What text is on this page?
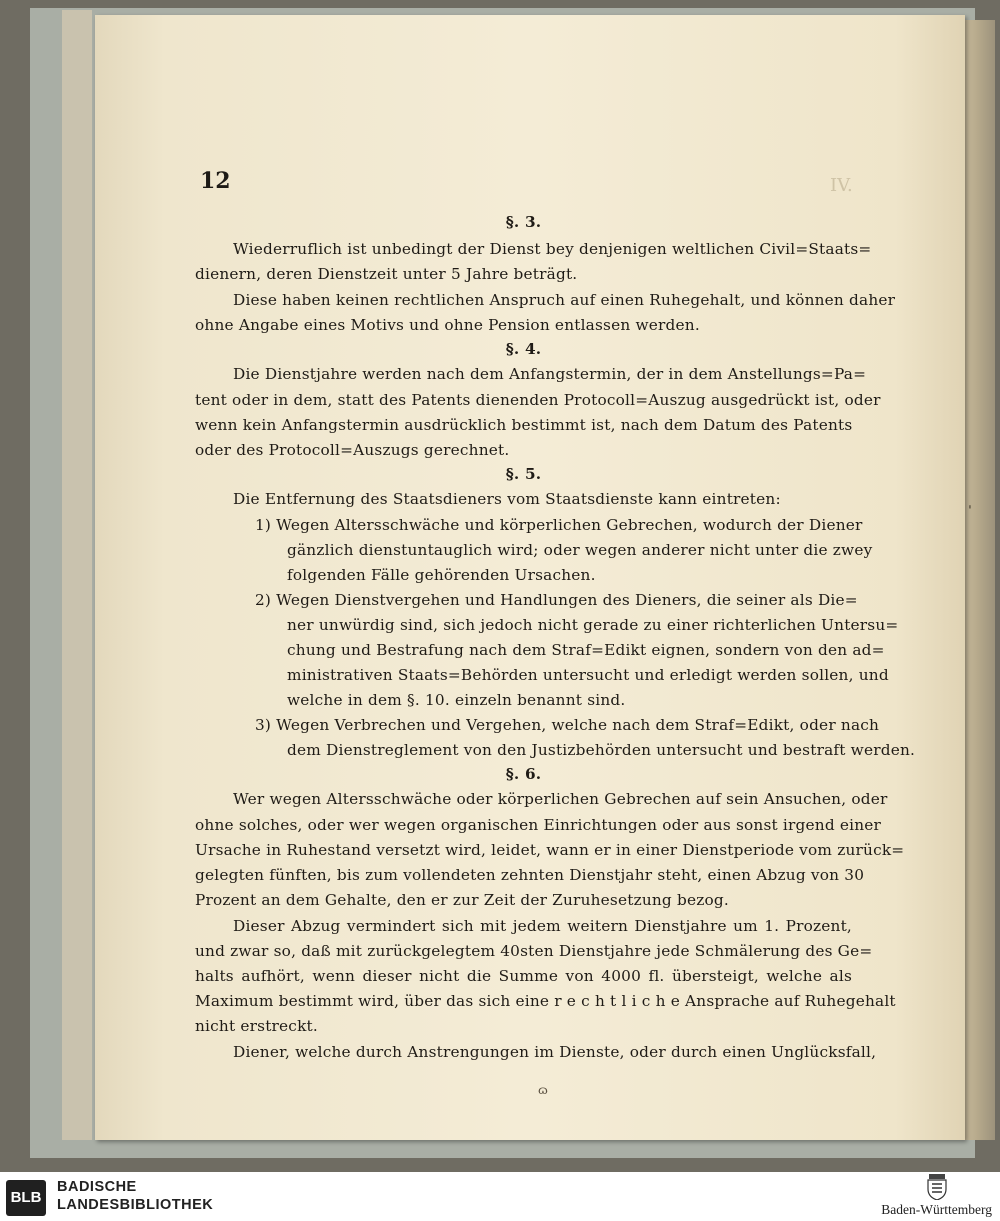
12	IV.
§. 3.
Wiederruflich ist unbedingt der Dienst bey denjenigen weltlichen Civil=Staats=
dienern, deren Dienstzeit unter 5 Jahre beträgt.
Diese haben keinen rechtlichen Anspruch auf einen Ruhegehalt, und können daher
ohne Angabe eines Motivs und ohne Pension entlassen werden.
§. 4.
Die Dienstjahre werden nach dem Anfangstermin, der in dem Anstellungs=Pa=
tent oder in dem, statt des Patents dienenden Protocoll=Auszug ausgedrückt ist, oder
wenn kein Anfangstermin ausdrücklich bestimmt ist, nach dem Datum des Patents
oder des Protocoll=Auszugs gerechnet.
§. 5.
Die Entfernung des Staatsdieners vom Staatsdienste kann eintreten:
1) Wegen Altersschwäche und körperlichen Gebrechen, wodurch der Diener
gänzlich dienstuntauglich wird; oder wegen anderer nicht unter die zwey
folgenden Fälle gehörenden Ursachen.
2) Wegen Dienstvergehen und Handlungen des Dieners, die seiner als Die=
ner unwürdig sind, sich jedoch nicht gerade zu einer richterlichen Untersu=
chung und Bestrafung nach dem Straf=Edikt eignen, sondern von den ad=
ministrativen Staats=Behörden untersucht und erledigt werden sollen, und
welche in dem §. 10. einzeln benannt sind.
3) Wegen Verbrechen und Vergehen, welche nach dem Straf=Edikt, oder nach
dem Dienstreglement von den Justizbehörden untersucht und bestraft werden.
§. 6.
Wer wegen Altersschwäche oder körperlichen Gebrechen auf sein Ansuchen, oder
ohne solches, oder wer wegen organischen Einrichtungen oder aus sonst irgend einer
Ursache in Ruhestand versetzt wird, leidet, wann er in einer Dienstperiode vom zurück=
gelegten fünften, bis zum vollendeten zehnten Dienstjahr steht, einen Abzug von 30
Prozent an dem Gehalte, den er zur Zeit der Zuruhesetzung bezog.
Dieser Abzug vermindert sich mit jedem weitern Dienstjahre um 1. Prozent,
und zwar so, daß mit zurückgelegtem 40sten Dienstjahre jede Schmälerung des Ge=
halts aufhört, wenn dieser nicht die Summe von 4000 fl. übersteigt, welche als
Maximum bestimmt wird, über das sich eine r e c h t l i c h e Ansprache auf Ruhegehalt
nicht erstreckt.
Diener, welche durch Anstrengungen im Dienste, oder durch einen Unglücksfall,
ˌ
ɷ
BLB
BADISCHE
LANDESBIBLIOTHEK	Baden-Württemberg
